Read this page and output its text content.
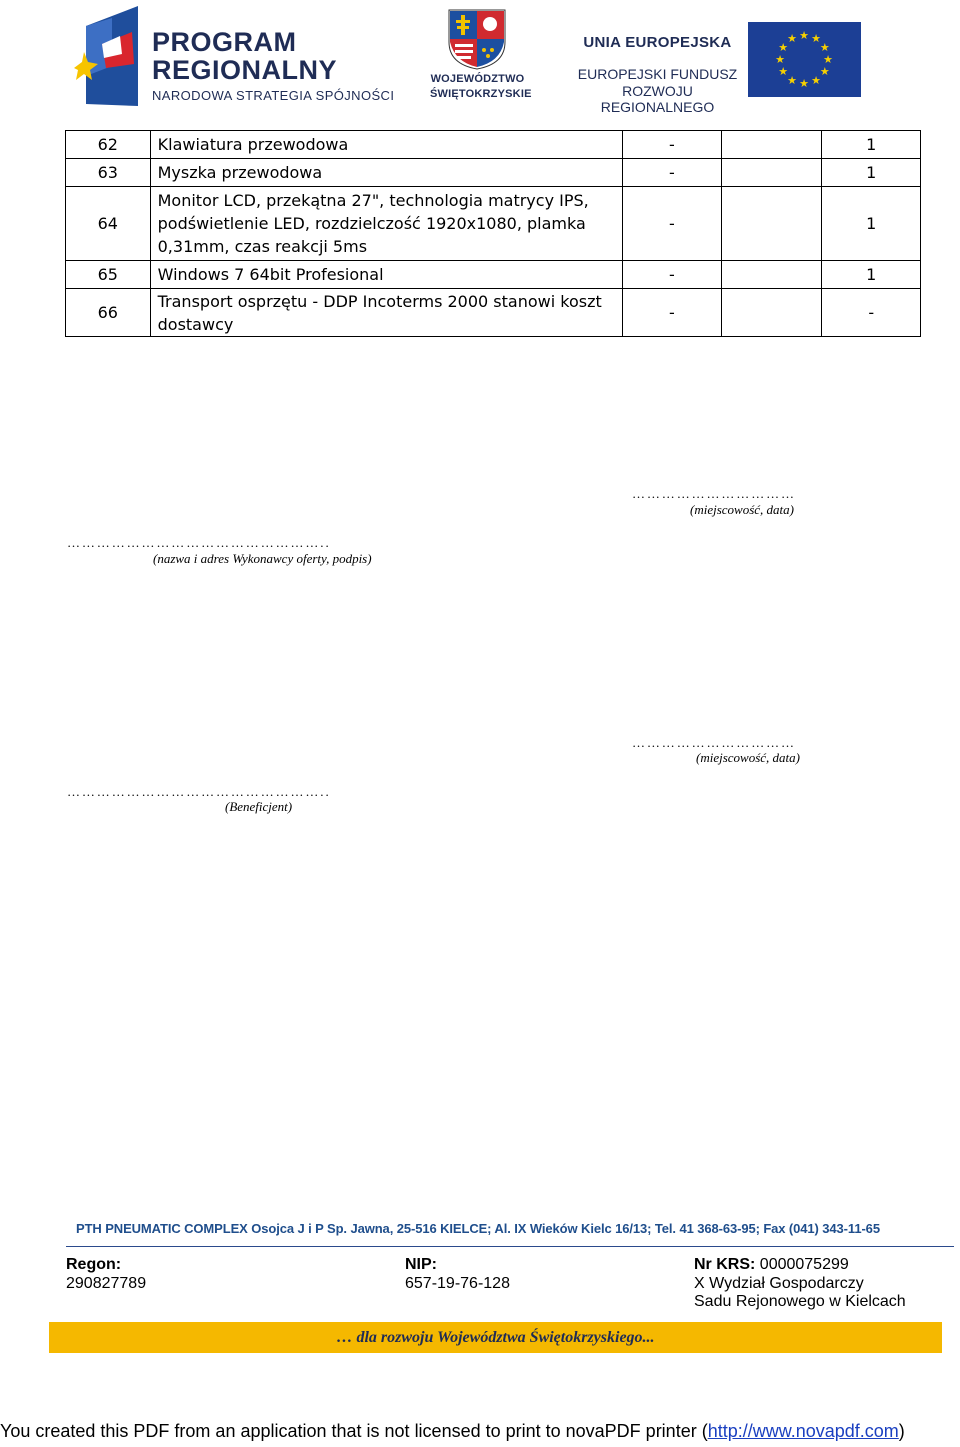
PROGRAM
REGIONALNY
NARODOWA STRATEGIA SPÓJNOŚCI
WOJEWÓDZTWO
ŚWIĘTOKRZYSKIE
UNIA EUROPEJSKA
EUROPEJSKI FUNDUSZ
ROZWOJU REGIONALNEGO
★
★
★
★
★
★
★
★
★ ★ ★
★
62	Klawiatura przewodowa	-		1
63	Myszka przewodowa	-		1
64	Monitor LCD, przekątna 27", technologia matrycy IPS, podświetlenie LED, rozdzielczość 1920x1080, plamka 0,31mm, czas reakcji 5ms	-		1
65	Windows 7 64bit Profesional	-		1
66	Transport osprzętu - DDP Incoterms 2000 stanowi koszt dostawcy	-		-
……………………………
(miejscowość, data)
……………………………………………..
(nazwa i adres Wykonawcy oferty, podpis)
……………………………
(miejscowość, data)
……………………………………………..
(Beneficjent)
PTH PNEUMATIC COMPLEX Osojca J i P Sp. Jawna, 25-516 KIELCE; Al. IX Wieków Kielc 16/13; Tel. 41 368-63-95; Fax (041) 343-11-65
Regon:
290827789
NIP:
657-19-76-128
Nr KRS: 0000075299
X Wydział Gospodarczy
Sadu Rejonowego w Kielcach
… dla rozwoju Województwa Świętokrzyskiego...
You created this PDF from an application that is not licensed to print to novaPDF printer (http://www.novapdf.com)
